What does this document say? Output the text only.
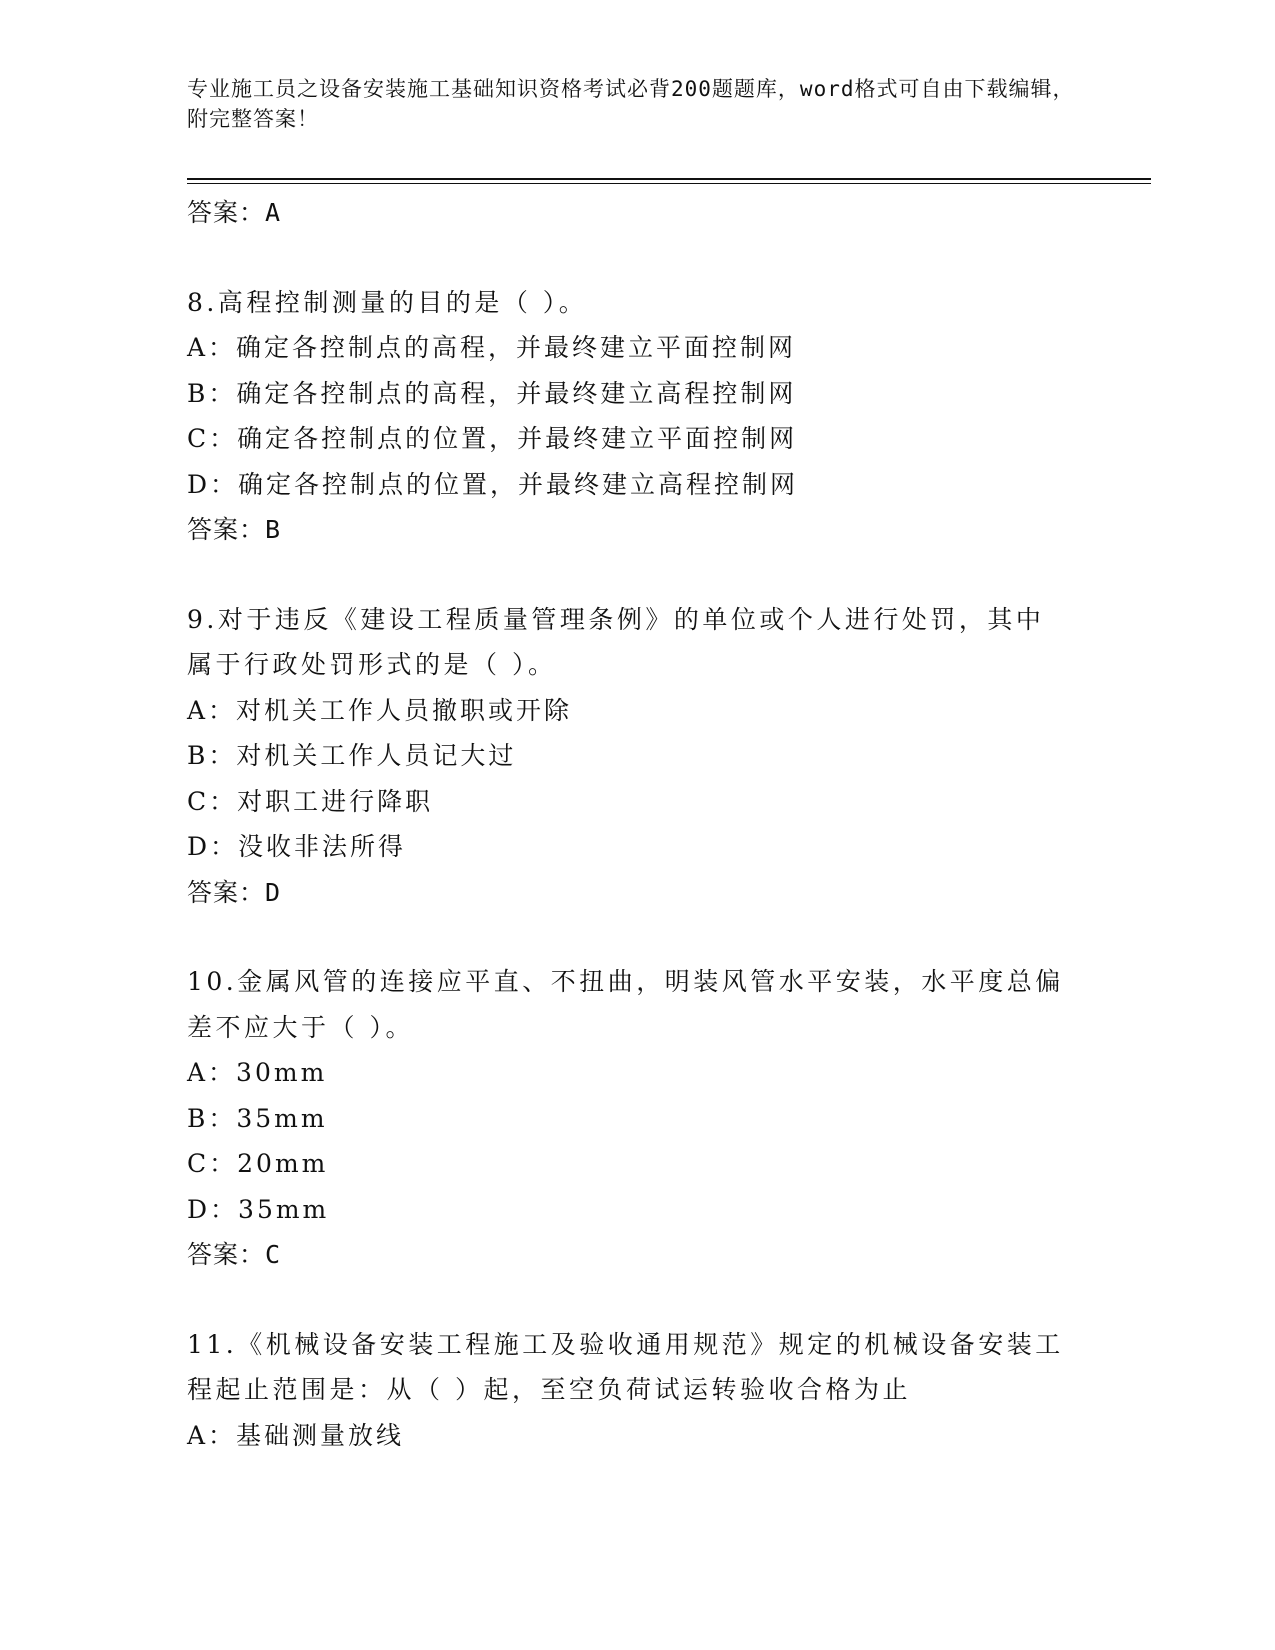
专业施工员之设备安装施工基础知识资格考试必背200题题库，word格式可自由下载编辑，附完整答案！
答案：A
8.高程控制测量的目的是（ ）。
A：确定各控制点的高程，并最终建立平面控制网
B：确定各控制点的高程，并最终建立高程控制网
C：确定各控制点的位置，并最终建立平面控制网
D：确定各控制点的位置，并最终建立高程控制网
答案：B
9.对于违反《建设工程质量管理条例》的单位或个人进行处罚，其中属于行政处罚形式的是（ ）。
A：对机关工作人员撤职或开除
B：对机关工作人员记大过
C：对职工进行降职
D：没收非法所得
答案：D
10.金属风管的连接应平直、不扭曲，明装风管水平安装，水平度总偏差不应大于（ ）。
A：30mm
B：35mm
C：20mm
D：35mm
答案：C
11.《机械设备安装工程施工及验收通用规范》规定的机械设备安装工程起止范围是：从（ ）起，至空负荷试运转验收合格为止
A：基础测量放线
